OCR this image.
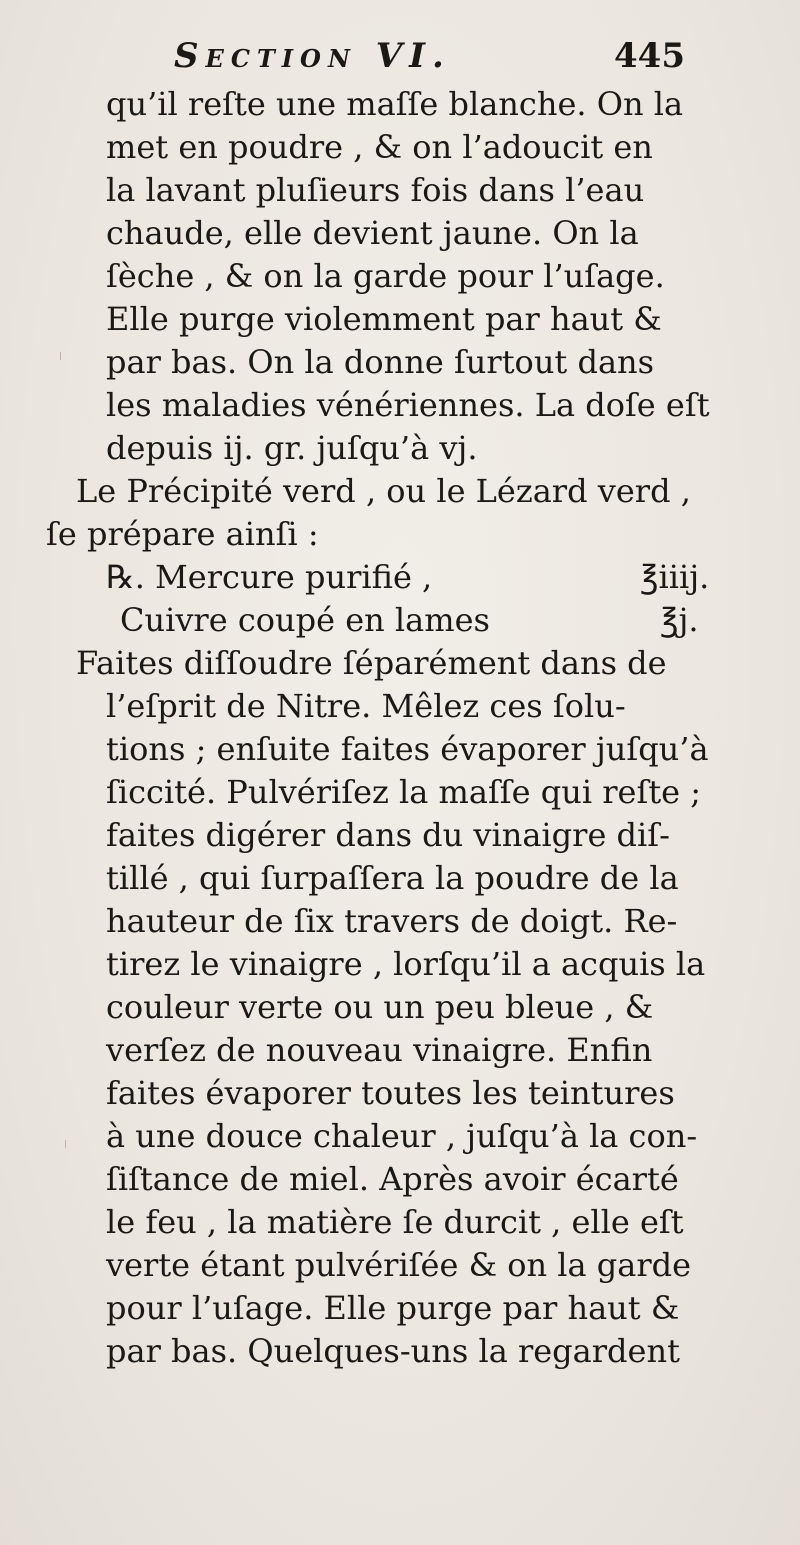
Section VI.	445
qu’il reſte une maſſe blanche. On la
met en poudre , & on l’adoucit en
la lavant pluſieurs fois dans l’eau
chaude, elle devient jaune. On la
ſèche , & on la garde pour l’uſage.
Elle purge violemment par haut &
par bas. On la donne ſurtout dans
les maladies vénériennes. La doſe eſt
depuis ij. gr. juſqu’à vj.
Le Précipité verd , ou le Lézard verd ,
ſe prépare ainſi :
℞. Mercure purifié ,	℥iiij.
Cuivre coupé en lames	℥j.
Faites diſſoudre ſéparément dans de
l’eſprit de Nitre. Mêlez ces ſolu-
tions ; enſuite faites évaporer juſqu’à
ſiccité. Pulvériſez la maſſe qui reſte ;
faites digérer dans du vinaigre diſ-
tillé , qui ſurpaſſera la poudre de la
hauteur de ſix travers de doigt. Re-
tirez le vinaigre , lorſqu’il a acquis la
couleur verte ou un peu bleue , &
verſez de nouveau vinaigre. Enfin
faites évaporer toutes les teintures
à une douce chaleur , juſqu’à la con-
ſiſtance de miel. Après avoir écarté
le feu , la matière ſe durcit , elle eſt
verte étant pulvériſée & on la garde
pour l’uſage. Elle purge par haut &
par bas. Quelques-uns la regardent
